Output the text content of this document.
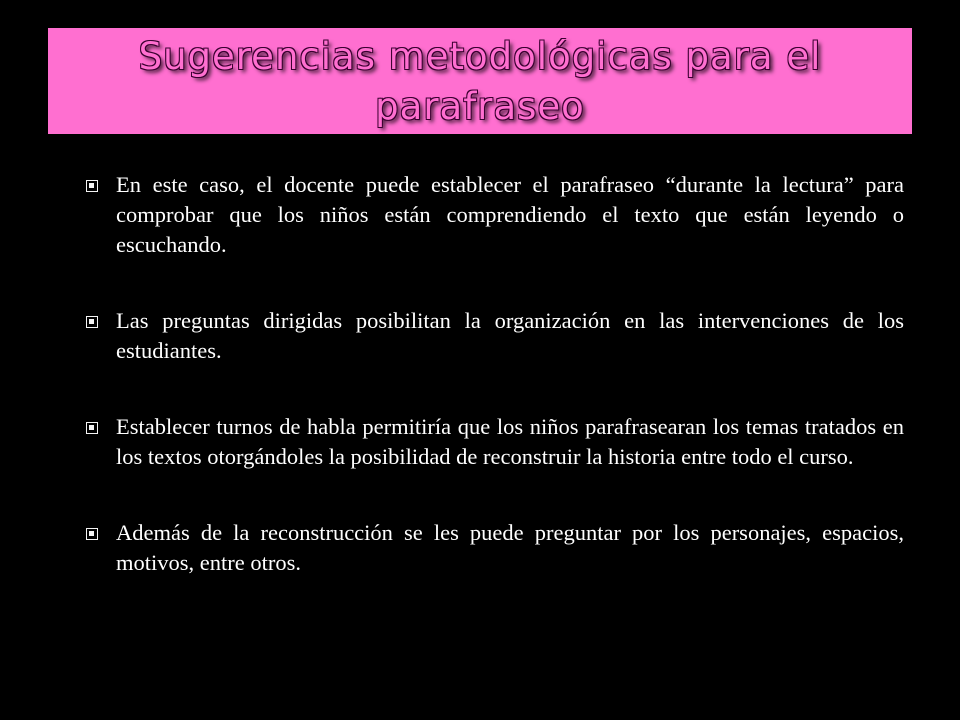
Sugerencias metodológicas para el parafraseo

En este caso, el docente puede establecer el parafraseo “durante la lectura” para comprobar que los niños están comprendiendo el texto que están leyendo o escuchando.

Las preguntas dirigidas posibilitan la organización en las intervenciones de los estudiantes.

Establecer turnos de habla permitiría que los niños parafrasearan los temas tratados en los textos otorgándoles la posibilidad de reconstruir la historia entre todo el curso.

Además de la reconstrucción se les puede preguntar por los personajes, espacios, motivos, entre otros.
